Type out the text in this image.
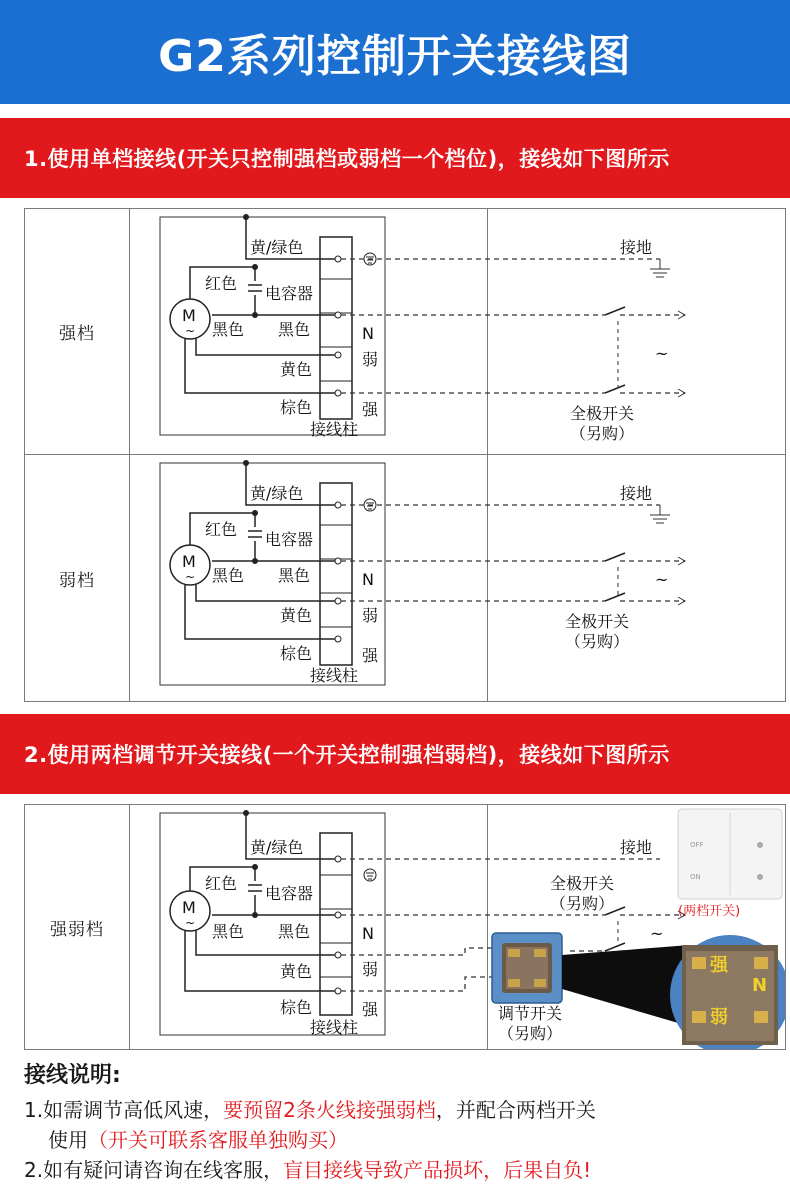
G2系列控制开关接线图
1.使用单档接线(开关只控制强档或弱档一个档位)，接线如下图所示
强档
M
~
黄/绿色
红色
电容器
黑色 黑色
黄色
棕色
接线柱
N
弱
强
~
接地
全极开关
（另购）
弱档
M
~
黄/绿色
红色
电容器
黑色 黑色
黄色
棕色
接线柱
N
弱
强
~
接地
全极开关
（另购）
2.使用两档调节开关接线(一个开关控制强档弱档)，接线如下图所示
强弱档
M
~
黄/绿色
红色
电容器
黑色 黑色
黄色
棕色
接线柱
N
弱
强
~
接地
全极开关
（另购）
调节开关
（另购）
OFF
ON
(两档开关)
强
N
弱
接线说明:
1.如需调节高低风速，要预留2条火线接强弱档，并配合两档开关
使用（开关可联系客服单独购买）
2.如有疑问请咨询在线客服，盲目接线导致产品损坏，后果自负!
